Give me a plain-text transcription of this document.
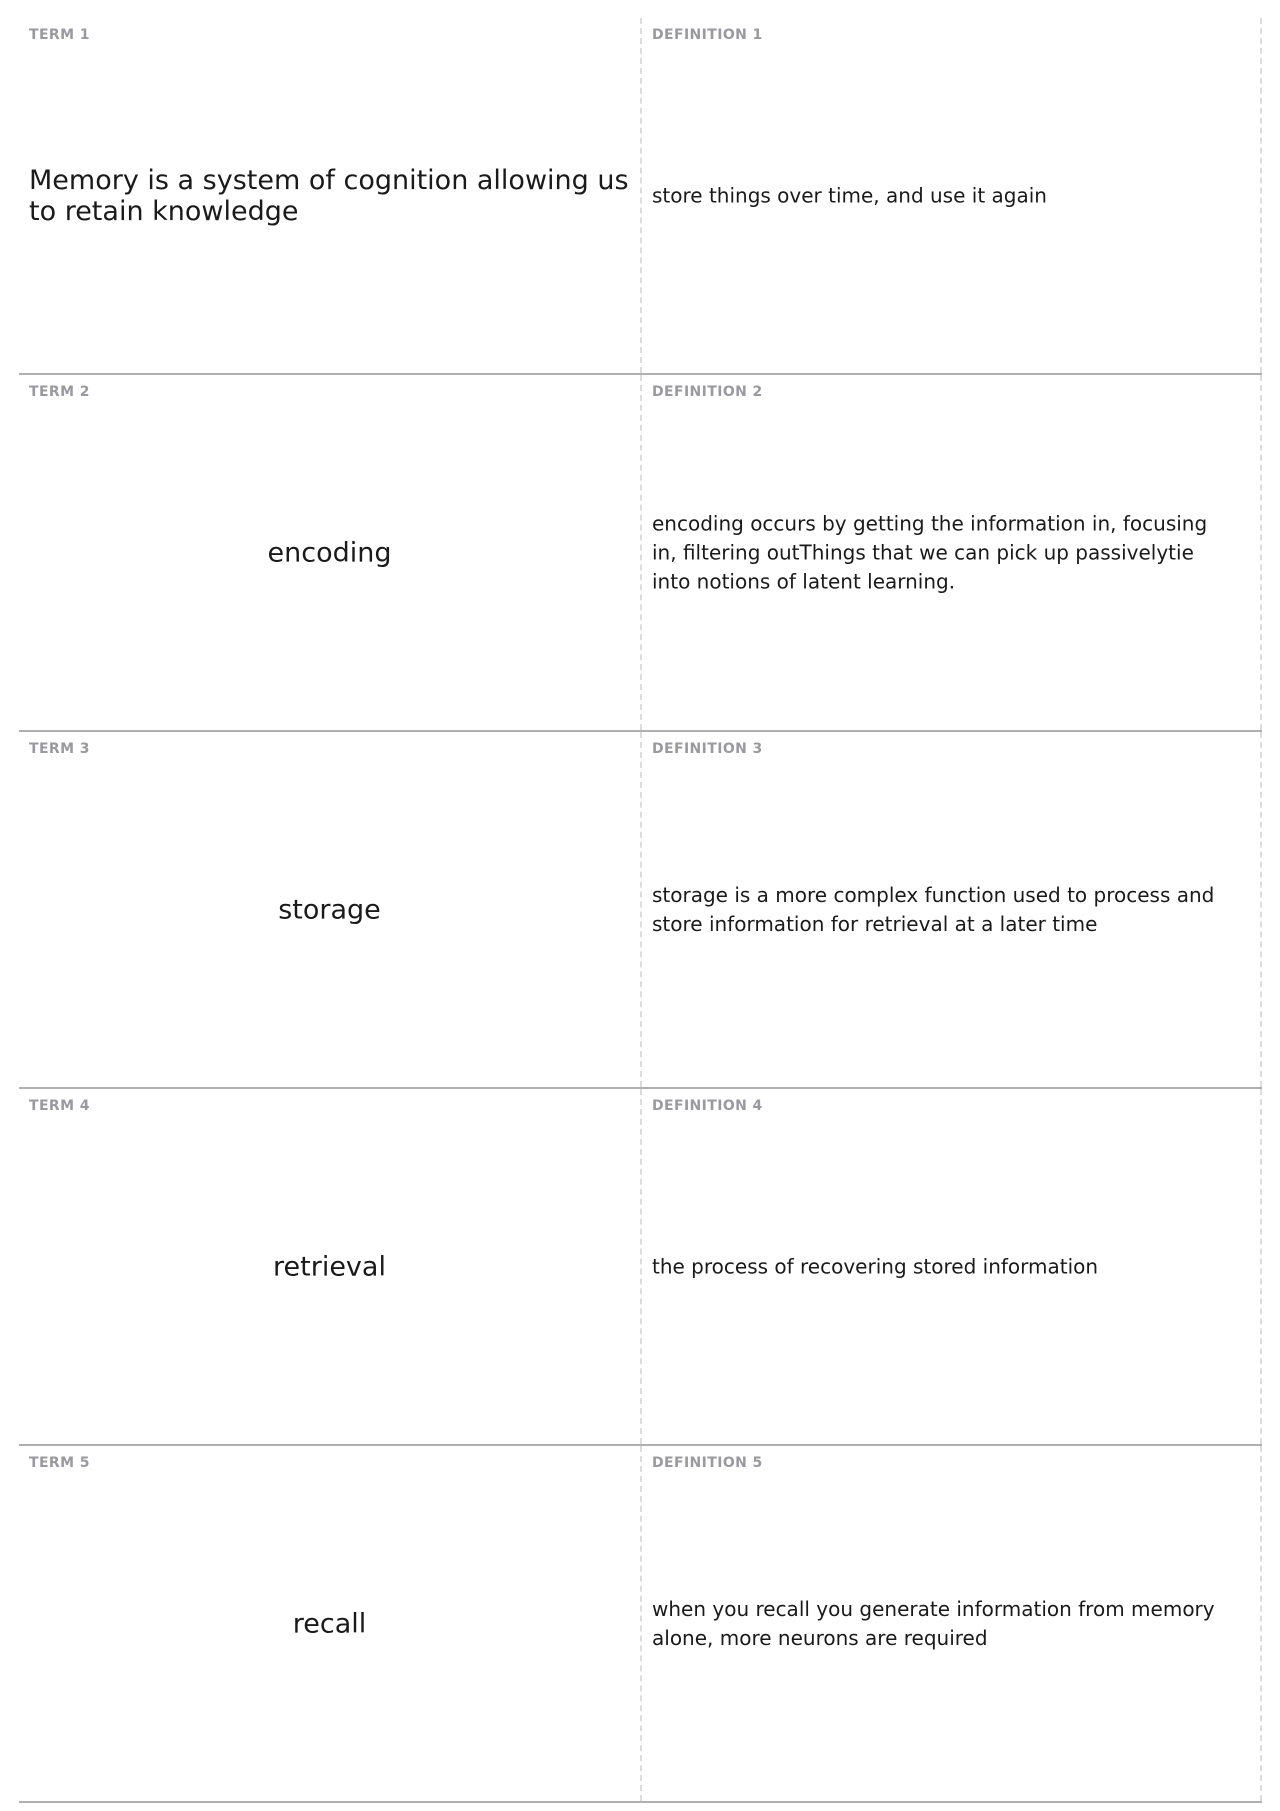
TERM 1
Memory is a system of cognition allowing us to retain knowledge
DEFINITION 1
store things over time, and use it again
TERM 2
encoding
DEFINITION 2
encoding occurs by getting the information in, focusing in, filtering outThings that we can pick up passivelytie into notions of latent learning.
TERM 3
storage
DEFINITION 3
storage is a more complex function used to process and store information for retrieval at a later time
TERM 4
retrieval
DEFINITION 4
the process of recovering stored information
TERM 5
recall
DEFINITION 5
when you recall you generate information from memory alone, more neurons are required
